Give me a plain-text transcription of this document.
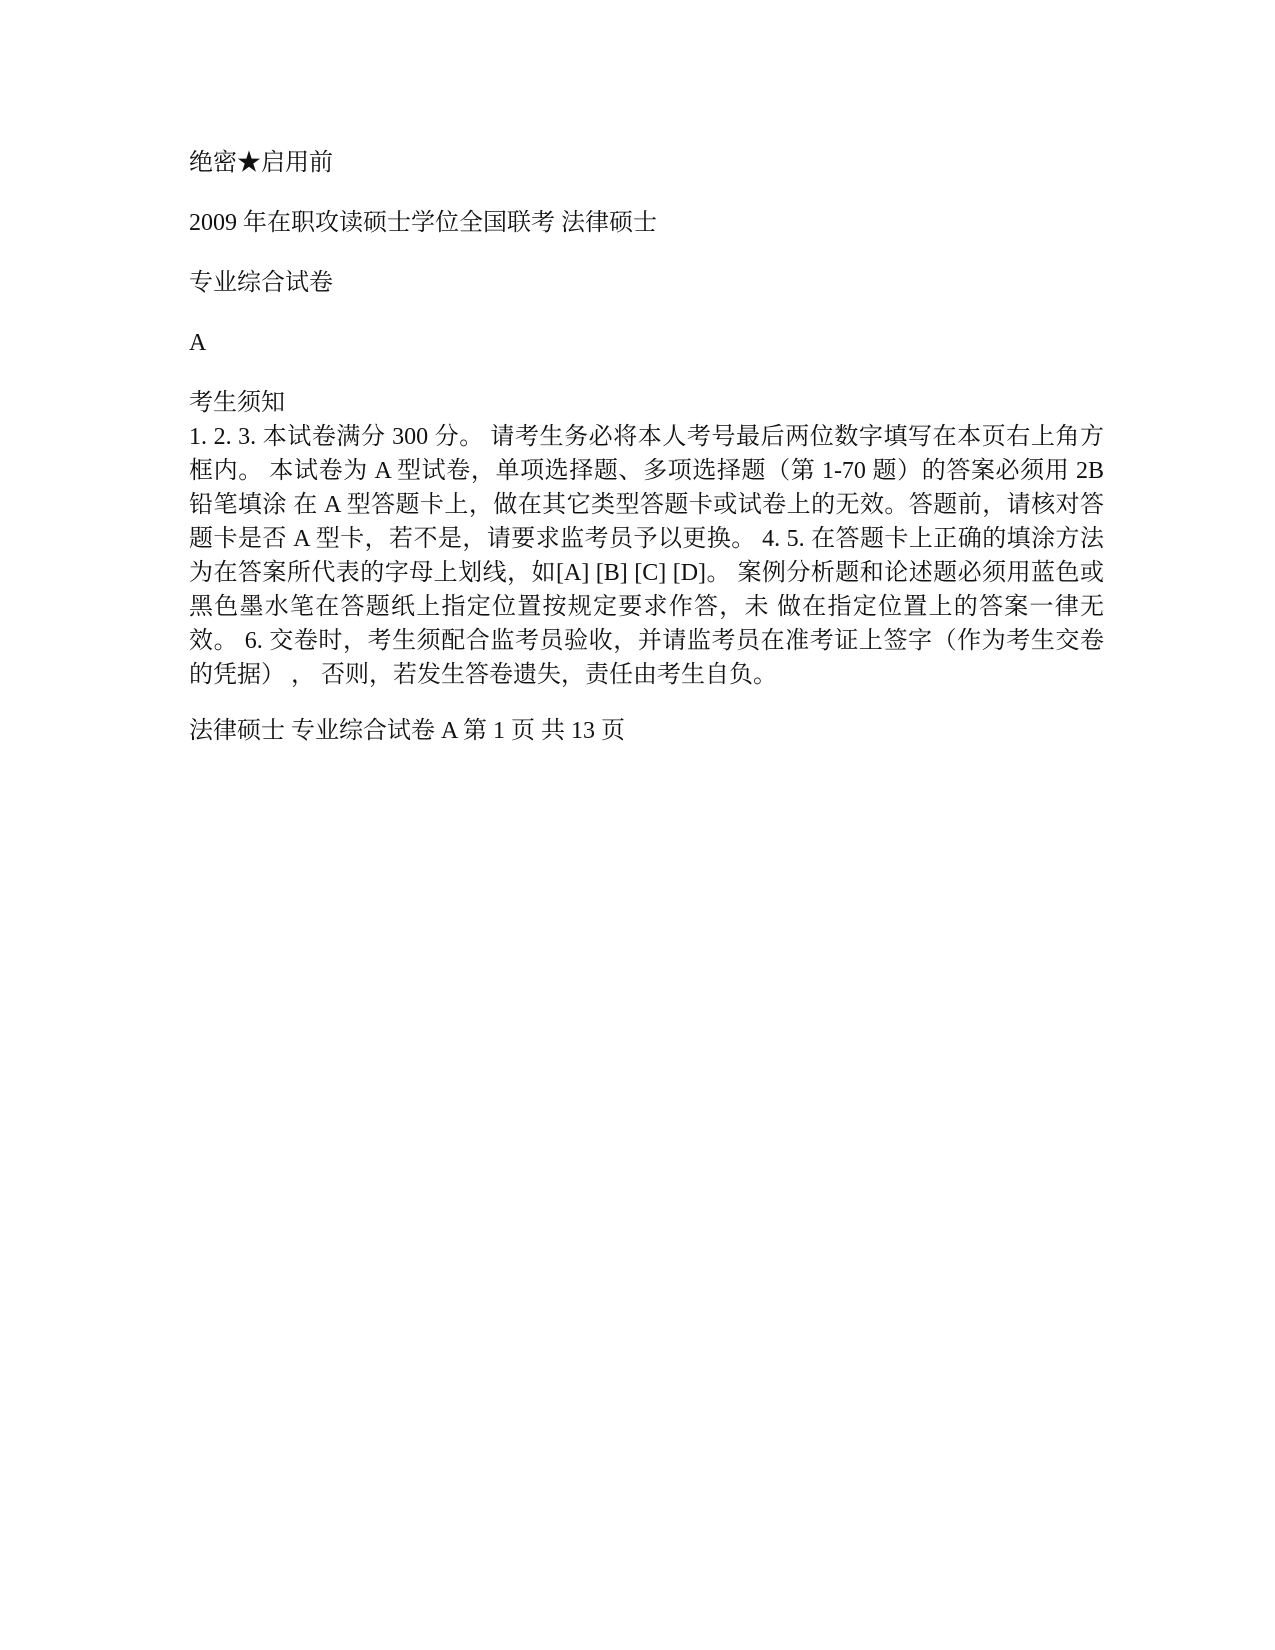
绝密★启用前

2009 年在职攻读硕士学位全国联考 法律硕士

专业综合试卷

A

考生须知

1. 2. 3. 本试卷满分 300 分。 请考生务必将本人考号最后两位数字填写在本页右上角方框内。 本试卷为 A 型试卷，单项选择题、多项选择题（第 1-70 题）的答案必须用 2B 铅笔填涂 在 A 型答题卡上，做在其它类型答题卡或试卷上的无效。答题前，请核对答题卡是否 A 型卡，若不是，请要求监考员予以更换。 4. 5. 在答题卡上正确的填涂方法为在答案所代表的字母上划线，如[A] [B] [C] [D]。 案例分析题和论述题必须用蓝色或黑色墨水笔在答题纸上指定位置按规定要求作答，未 做在指定位置上的答案一律无效。 6. 交卷时，考生须配合监考员验收，并请监考员在准考证上签字（作为考生交卷的凭据） ， 否则，若发生答卷遗失，责任由考生自负。

法律硕士 专业综合试卷 A 第 1 页 共 13 页
